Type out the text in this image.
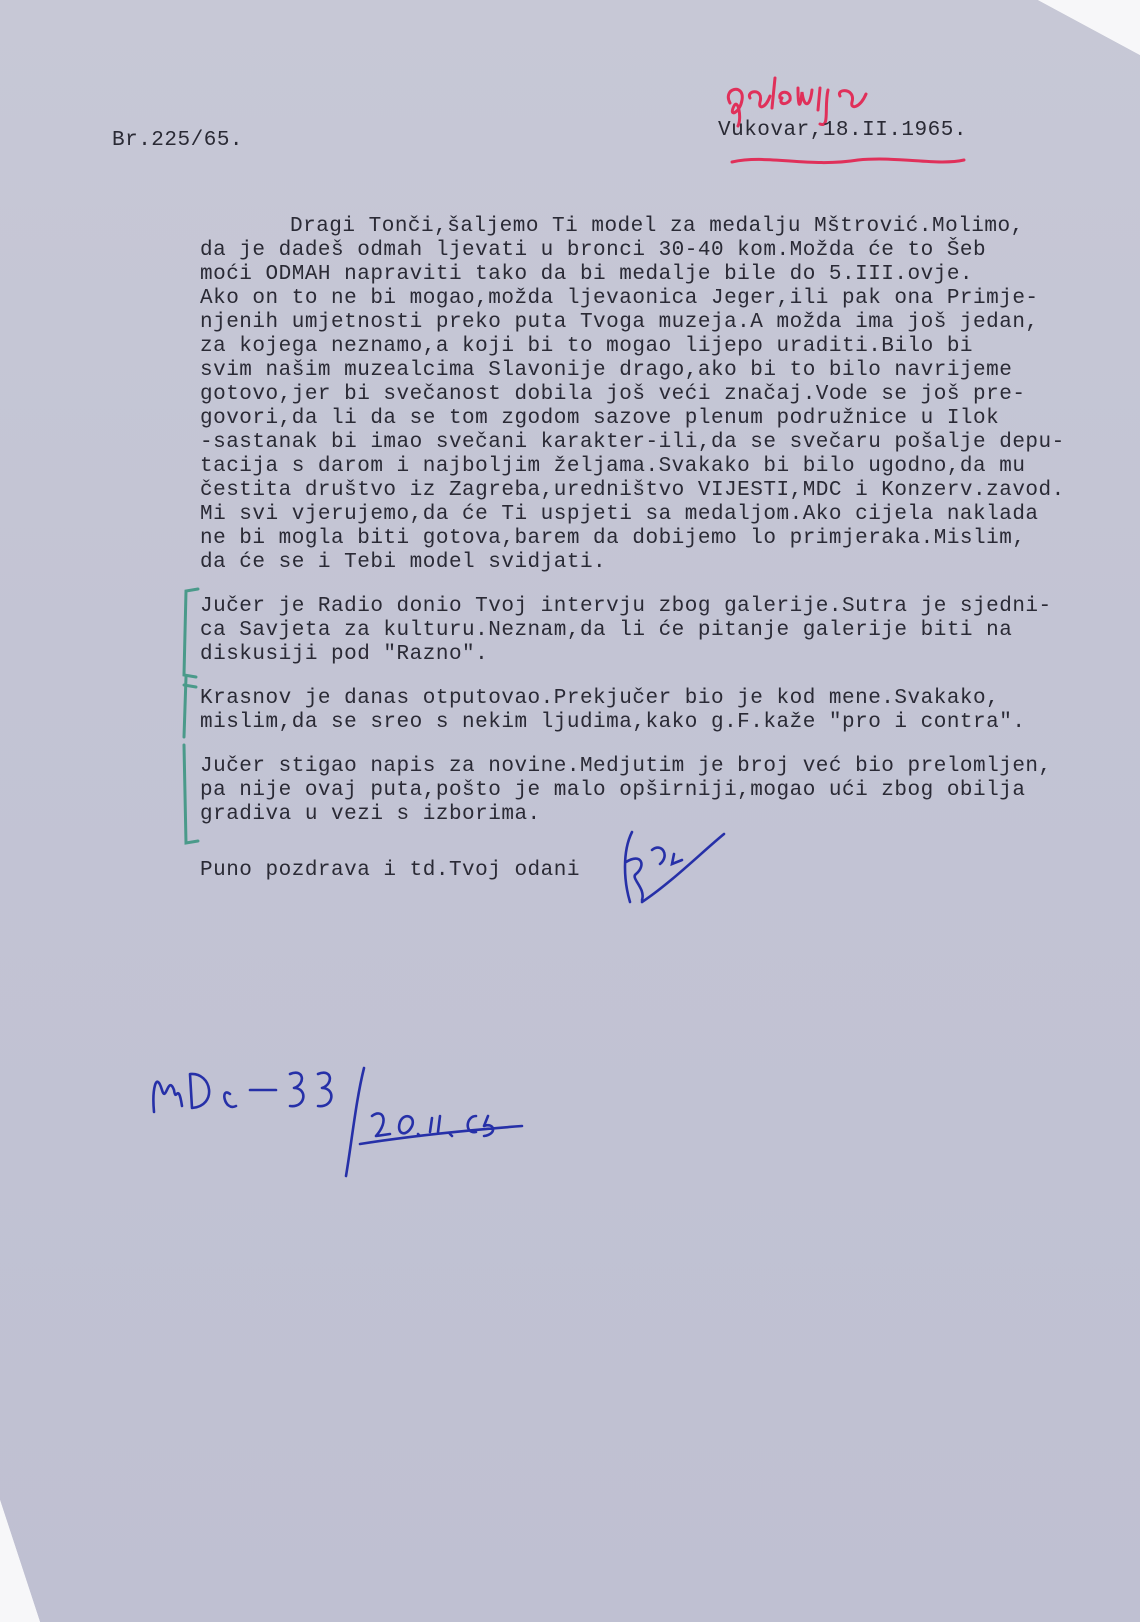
Br.225/65.	Vukovar,18.II.1965.
Dragi Tonči,šaljemo Ti model za medalju Mštrović.Molimo,
da je dadeš odmah ljevati u bronci 30-40 kom.Možda će to Šeb
moći ODMAH napraviti tako da bi medalje bile do 5.III.ovje.
Ako on to ne bi mogao,možda ljevaonica Jeger,ili pak ona Primje-
njenih umjetnosti preko puta Tvoga muzeja.A možda ima još jedan,
za kojega neznamo,a koji bi to mogao lijepo uraditi.Bilo bi
svim našim muzealcima Slavonije drago,ako bi to bilo navrijeme
gotovo,jer bi svečanost dobila još veći značaj.Vode se još pre-
govori,da li da se tom zgodom sazove plenum podružnice u Ilok
-sastanak bi imao svečani karakter-ili,da se svečaru pošalje depu-
tacija s darom i najboljim željama.Svakako bi bilo ugodno,da mu
čestita društvo iz Zagreba,uredništvo VIJESTI,MDC i Konzerv.zavod.
Mi svi vjerujemo,da će Ti uspjeti sa medaljom.Ako cijela naklada
ne bi mogla biti gotova,barem da dobijemo lo primjeraka.Mislim,
da će se i Tebi model svidjati.
Jučer je Radio donio Tvoj intervju zbog galerije.Sutra je sjedni-
ca Savjeta za kulturu.Neznam,da li će pitanje galerije biti na
diskusiji pod "Razno".
Krasnov je danas otputovao.Prekjučer bio je kod mene.Svakako,
mislim,da se sreo s nekim ljudima,kako g.F.kaže "pro i contra".
Jučer stigao napis za novine.Medjutim je broj već bio prelomljen,
pa nije ovaj puta,pošto je malo opširniji,mogao ući zbog obilja
gradiva u vezi s izborima.
Puno pozdrava i td.Tvoj odani
